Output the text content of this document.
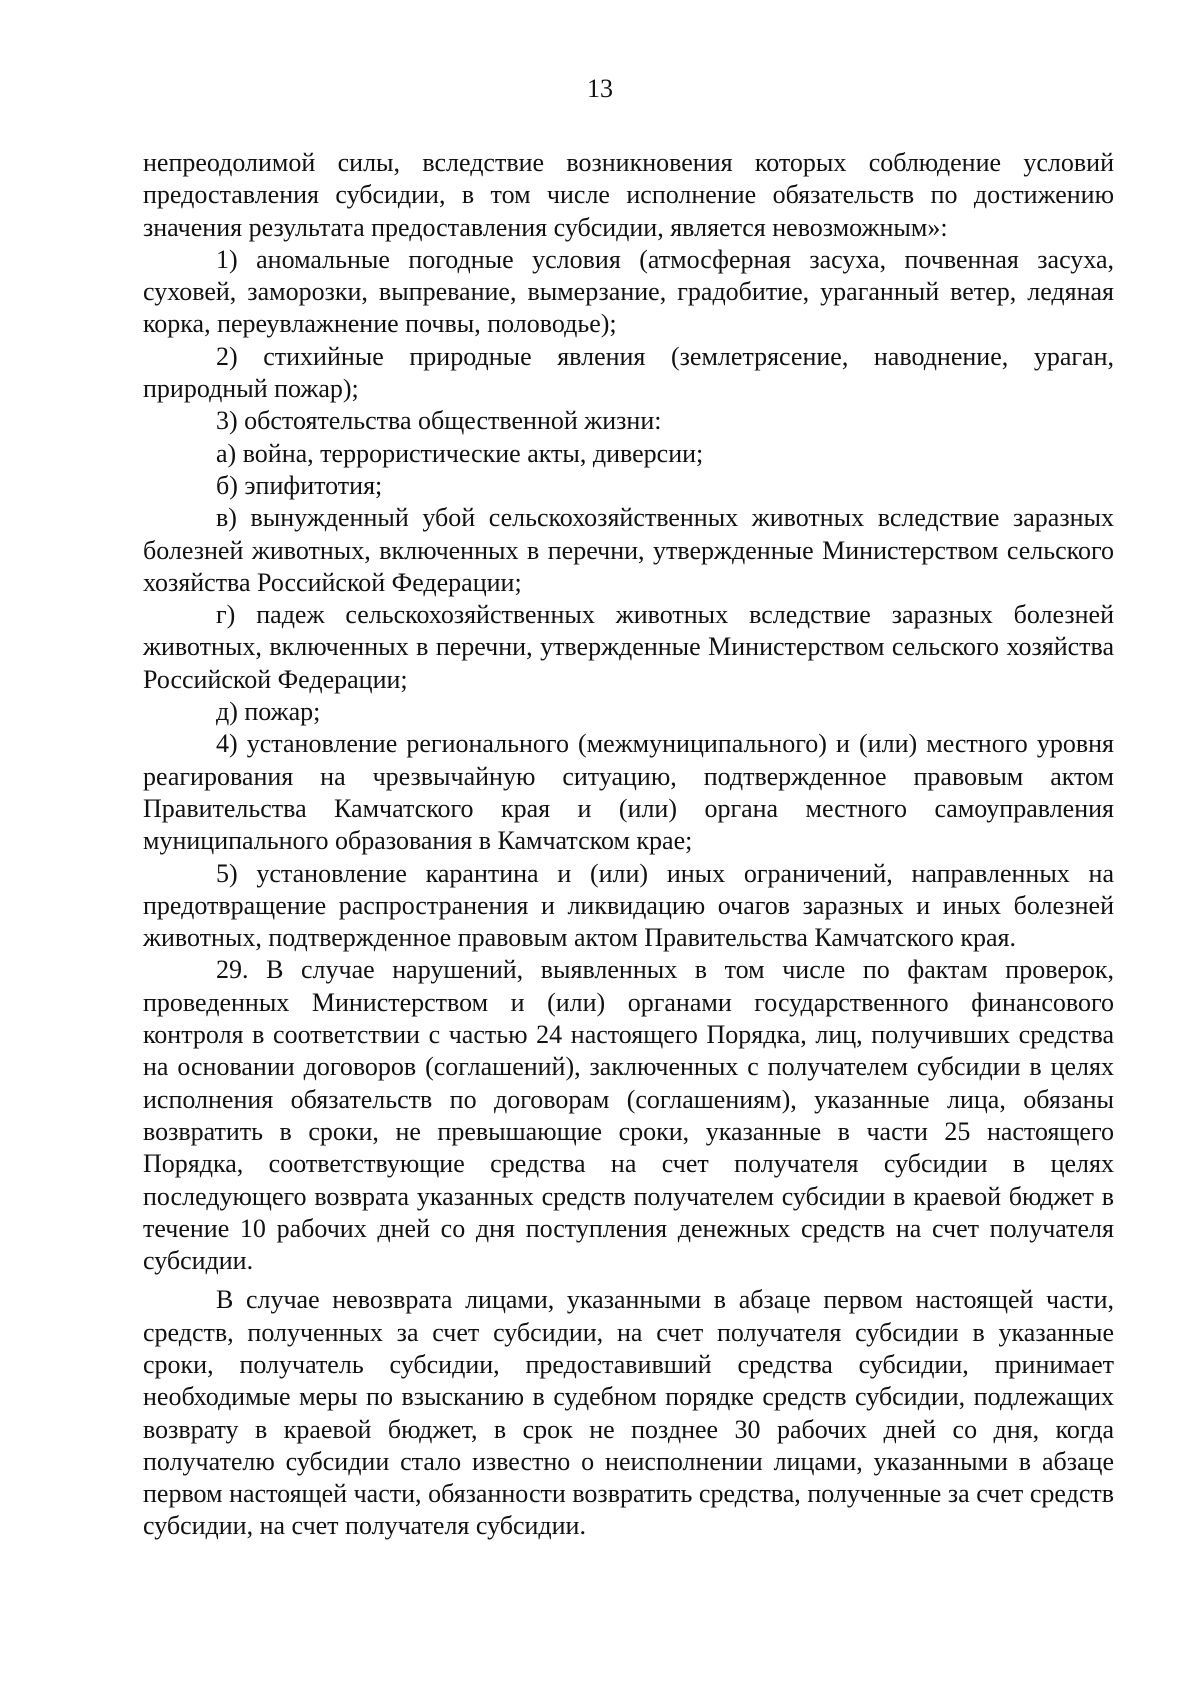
13

непреодолимой силы, вследствие возникновения которых соблюдение условий предоставления субсидии, в том числе исполнение обязательств по достижению значения результата предоставления субсидии, является невозможным»:

1) аномальные погодные условия (атмосферная засуха, почвенная засуха, суховей, заморозки, выпревание, вымерзание, градобитие, ураганный ветер, ледяная корка, переувлажнение почвы, половодье);

2) стихийные природные явления (землетрясение, наводнение, ураган, природный пожар);

3) обстоятельства общественной жизни:

а) война, террористические акты, диверсии;

б) эпифитотия;

в) вынужденный убой сельскохозяйственных животных вследствие заразных болезней животных, включенных в перечни, утвержденные Министерством сельского хозяйства Российской Федерации;

г) падеж сельскохозяйственных животных вследствие заразных болезней животных, включенных в перечни, утвержденные Министерством сельского хозяйства Российской Федерации;

д) пожар;

4) установление регионального (межмуниципального) и (или) местного уровня реагирования на чрезвычайную ситуацию, подтвержденное правовым актом Правительства Камчатского края и (или) органа местного самоуправления муниципального образования в Камчатском крае;

5) установление карантина и (или) иных ограничений, направленных на предотвращение распространения и ликвидацию очагов заразных и иных болезней животных, подтвержденное правовым актом Правительства Камчатского края.

29. В случае нарушений, выявленных в том числе по фактам проверок, проведенных Министерством и (или) органами государственного финансового контроля в соответствии с частью 24 настоящего Порядка, лиц, получивших средства на основании договоров (соглашений), заключенных с получателем субсидии в целях исполнения обязательств по договорам (соглашениям), указанные лица, обязаны возвратить в сроки, не превышающие сроки, указанные в части 25 настоящего Порядка, соответствующие средства на счет получателя субсидии в целях последующего возврата указанных средств получателем субсидии в краевой бюджет в течение 10 рабочих дней со дня поступления денежных средств на счет получателя субсидии.

В случае невозврата лицами, указанными в абзаце первом настоящей части, средств, полученных за счет субсидии, на счет получателя субсидии в указанные сроки, получатель субсидии, предоставивший средства субсидии, принимает необходимые меры по взысканию в судебном порядке средств субсидии, подлежащих возврату в краевой бюджет, в срок не позднее 30 рабочих дней со дня, когда получателю субсидии стало известно о неисполнении лицами, указанными в абзаце первом настоящей части, обязанности возвратить средства, полученные за счет средств субсидии, на счет получателя субсидии.
